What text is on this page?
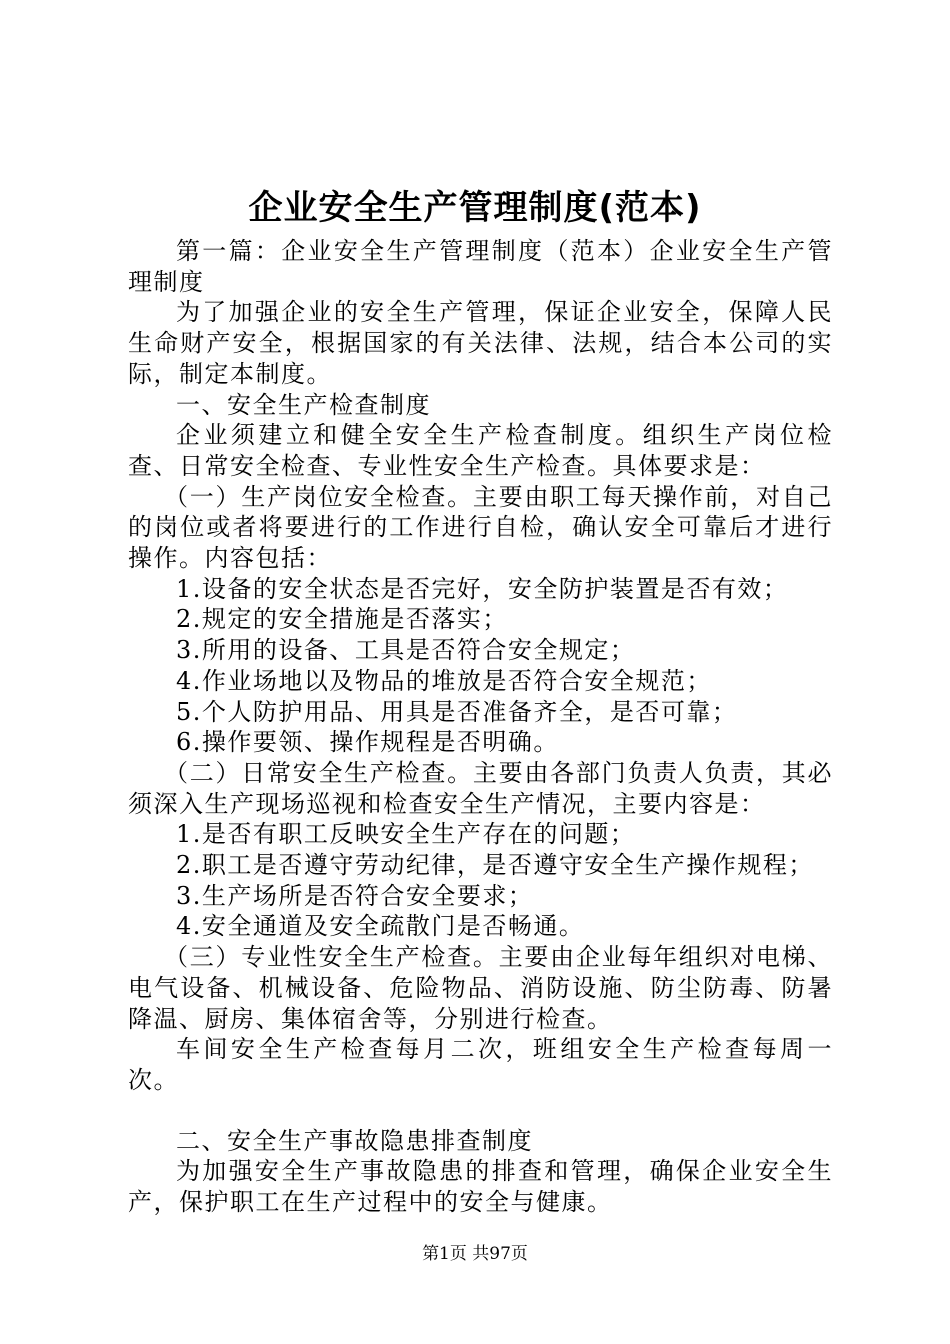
企业安全生产管理制度(范本)

第一篇：企业安全生产管理制度（范本）企业安全生产管理制度

为了加强企业的安全生产管理，保证企业安全，保障人民生命财产安全，根据国家的有关法律、法规，结合本公司的实际，制定本制度。

一、安全生产检查制度

企业须建立和健全安全生产检查制度。组织生产岗位检查、日常安全检查、专业性安全生产检查。具体要求是：

（一）生产岗位安全检查。主要由职工每天操作前，对自己的岗位或者将要进行的工作进行自检，确认安全可靠后才进行操作。内容包括：

1.设备的安全状态是否完好，安全防护装置是否有效；

2.规定的安全措施是否落实；

3.所用的设备、工具是否符合安全规定；

4.作业场地以及物品的堆放是否符合安全规范；

5.个人防护用品、用具是否准备齐全，是否可靠；

6.操作要领、操作规程是否明确。

（二）日常安全生产检查。主要由各部门负责人负责，其必须深入生产现场巡视和检查安全生产情况，主要内容是：

1.是否有职工反映安全生产存在的问题；

2.职工是否遵守劳动纪律，是否遵守安全生产操作规程；

3.生产场所是否符合安全要求；

4.安全通道及安全疏散门是否畅通。

（三）专业性安全生产检查。主要由企业每年组织对电梯、电气设备、机械设备、危险物品、消防设施、防尘防毒、防暑降温、厨房、集体宿舍等，分别进行检查。

车间安全生产检查每月二次，班组安全生产检查每周一次。

二、安全生产事故隐患排查制度

为加强安全生产事故隐患的排查和管理，确保企业安全生产，保护职工在生产过程中的安全与健康。

第1页 共97页
